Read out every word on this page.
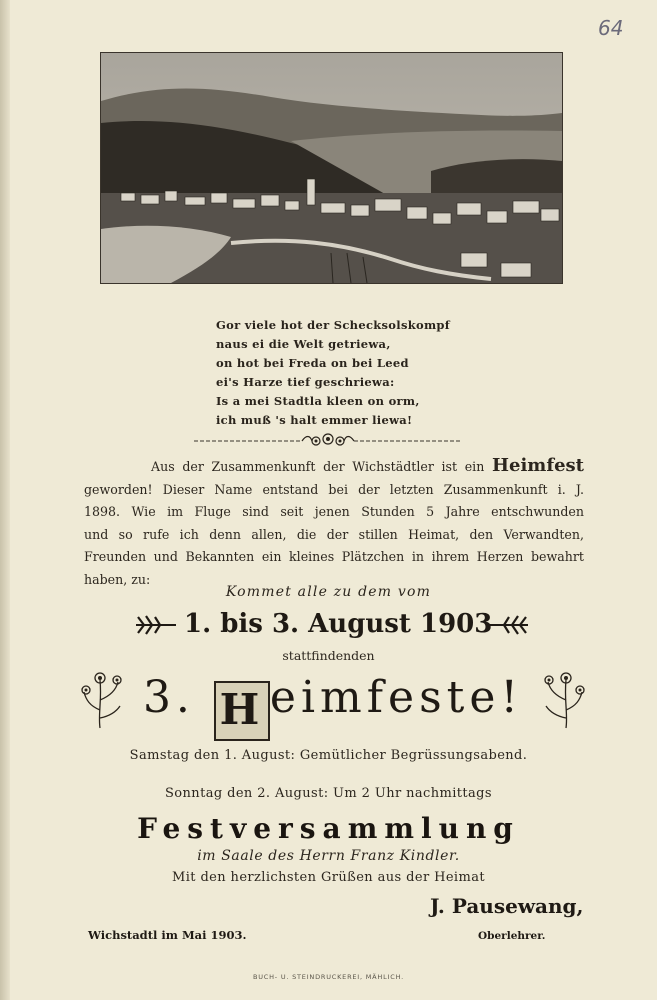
64
Gor viele hot der Schecksolskompf
naus ei die Welt getriewa,
on hot bei Freda on bei Leed
ei's Harze tief geschriewa:
Is a mei Stadtla kleen on orm,
ich muß 's halt emmer liewa!
Aus der Zusammenkunft der Wichstädtler ist ein Heimfest
geworden! Dieser Name entstand bei der letzten Zusammenkunft i. J.
1898. Wie im Fluge sind seit jenen Stunden 5 Jahre entschwunden
und so rufe ich denn allen, die der stillen Heimat, den Verwandten,
Freunden und Bekannten ein kleines Plätzchen in ihrem Herzen bewahrt
haben, zu:
Kommet alle zu dem vom
1. bis 3. August 1903
stattfindenden
3. H eimfeste!
Samstag den 1. August: Gemütlicher Begrüssungsabend.
Sonntag den 2. August: Um 2 Uhr nachmittags
Festversammlung
im Saale des Herrn Franz Kindler.
Mit den herzlichsten Grüßen aus der Heimat
J. Pausewang,
Wichstadtl im Mai 1903.	Oberlehrer.
BUCH- U. STEINDRUCKEREI, MÄHLICH.
